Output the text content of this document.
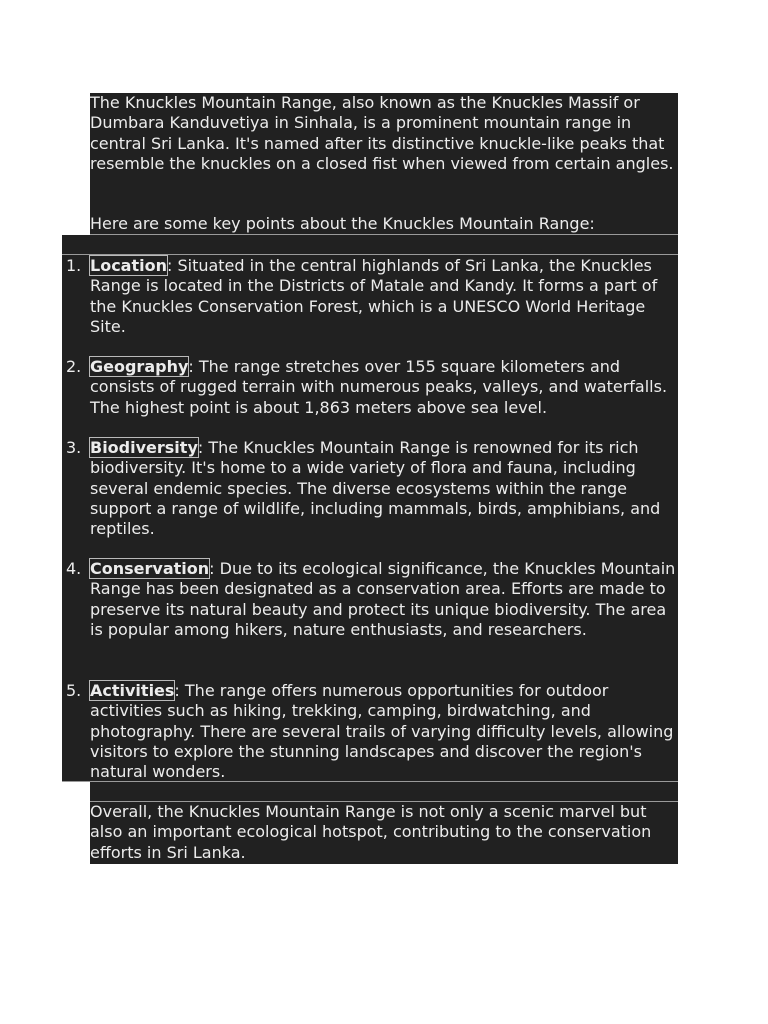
The Knuckles Mountain Range, also known as the Knuckles Massif or Dumbara Kanduvetiya in Sinhala, is a prominent mountain range in central Sri Lanka. It's named after its distinctive knuckle-like peaks that resemble the knuckles on a closed fist when viewed from certain angles.

Here are some key points about the Knuckles Mountain Range:

1. Location: Situated in the central highlands of Sri Lanka, the Knuckles Range is located in the Districts of Matale and Kandy. It forms a part of the Knuckles Conservation Forest, which is a UNESCO World Heritage Site.
2. Geography: The range stretches over 155 square kilometers and consists of rugged terrain with numerous peaks, valleys, and waterfalls. The highest point is about 1,863 meters above sea level.
3. Biodiversity: The Knuckles Mountain Range is renowned for its rich biodiversity. It's home to a wide variety of flora and fauna, including several endemic species. The diverse ecosystems within the range support a range of wildlife, including mammals, birds, amphibians, and reptiles.
4. Conservation: Due to its ecological significance, the Knuckles Mountain Range has been designated as a conservation area. Efforts are made to preserve its natural beauty and protect its unique biodiversity. The area is popular among hikers, nature enthusiasts, and researchers.
5. Activities: The range offers numerous opportunities for outdoor activities such as hiking, trekking, camping, birdwatching, and photography. There are several trails of varying difficulty levels, allowing visitors to explore the stunning landscapes and discover the region's natural wonders.

Overall, the Knuckles Mountain Range is not only a scenic marvel but also an important ecological hotspot, contributing to the conservation efforts in Sri Lanka.
